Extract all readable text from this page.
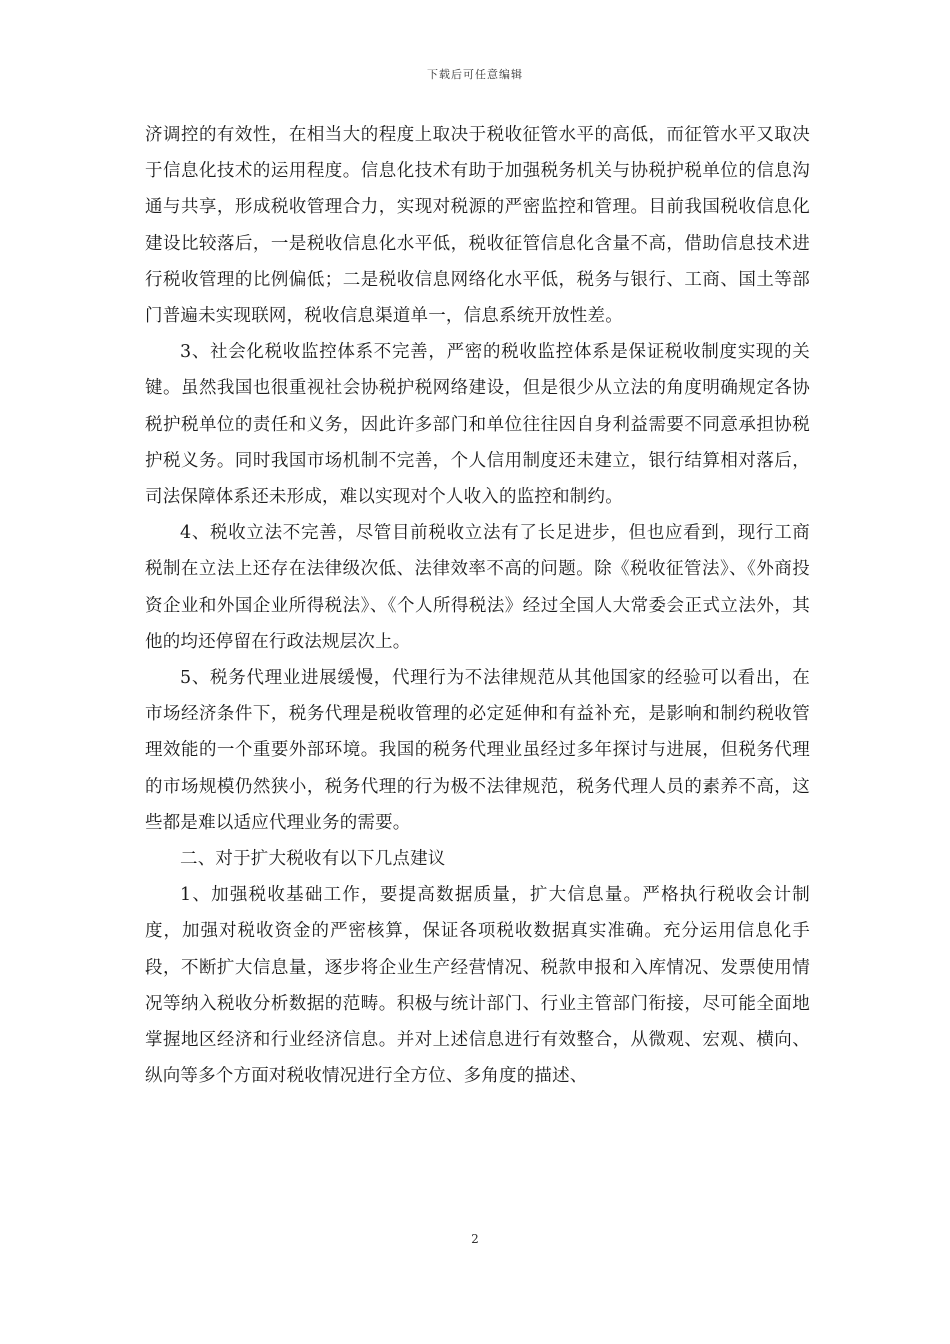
下载后可任意编辑

济调控的有效性，在相当大的程度上取决于税收征管水平的高低，而征管水平又取决于信息化技术的运用程度。信息化技术有助于加强税务机关与协税护税单位的信息沟通与共享，形成税收管理合力，实现对税源的严密监控和管理。目前我国税收信息化建设比较落后，一是税收信息化水平低，税收征管信息化含量不高，借助信息技术进行税收管理的比例偏低；二是税收信息网络化水平低，税务与银行、工商、国土等部门普遍未实现联网，税收信息渠道单一，信息系统开放性差。

3、社会化税收监控体系不完善，严密的税收监控体系是保证税收制度实现的关键。虽然我国也很重视社会协税护税网络建设，但是很少从立法的角度明确规定各协税护税单位的责任和义务，因此许多部门和单位往往因自身利益需要不同意承担协税护税义务。同时我国市场机制不完善，个人信用制度还未建立，银行结算相对落后，司法保障体系还未形成，难以实现对个人收入的监控和制约。

4、税收立法不完善，尽管目前税收立法有了长足进步，但也应看到，现行工商税制在立法上还存在法律级次低、法律效率不高的问题。除《税收征管法》、《外商投资企业和外国企业所得税法》、《个人所得税法》经过全国人大常委会正式立法外，其他的均还停留在行政法规层次上。

5、税务代理业进展缓慢，代理行为不法律规范从其他国家的经验可以看出，在市场经济条件下，税务代理是税收管理的必定延伸和有益补充，是影响和制约税收管理效能的一个重要外部环境。我国的税务代理业虽经过多年探讨与进展，但税务代理的市场规模仍然狭小，税务代理的行为极不法律规范，税务代理人员的素养不高，这些都是难以适应代理业务的需要。

二、对于扩大税收有以下几点建议

1、加强税收基础工作，要提高数据质量，扩大信息量。严格执行税收会计制度，加强对税收资金的严密核算，保证各项税收数据真实准确。充分运用信息化手段，不断扩大信息量，逐步将企业生产经营情况、税款申报和入库情况、发票使用情况等纳入税收分析数据的范畴。积极与统计部门、行业主管部门衔接，尽可能全面地掌握地区经济和行业经济信息。并对上述信息进行有效整合，从微观、宏观、横向、纵向等多个方面对税收情况进行全方位、多角度的描述、

2
